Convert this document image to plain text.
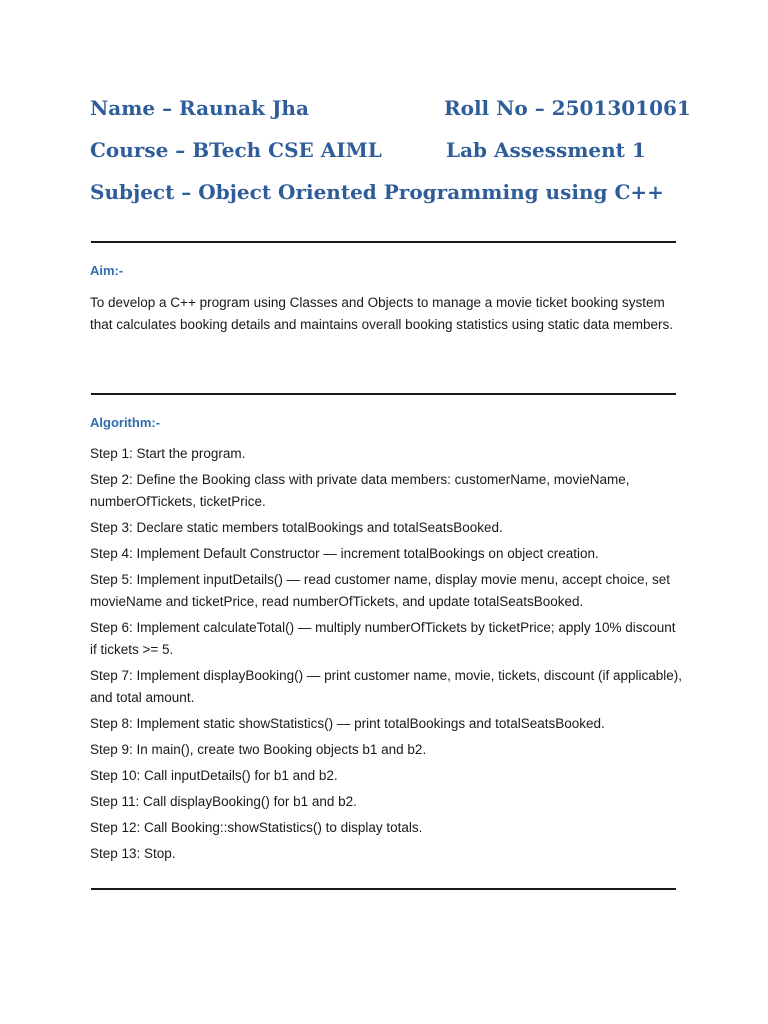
Name – Raunak Jha	Roll No – 2501301061
Course – BTech CSE AIML	Lab Assessment 1
Subject – Object Oriented Programming using C++
Aim:-
To develop a C++ program using Classes and Objects to manage a movie ticket booking system that calculates booking details and maintains overall booking statistics using static data members.
Algorithm:-
Step 1: Start the program.
Step 2: Define the Booking class with private data members: customerName, movieName, numberOfTickets, ticketPrice.
Step 3: Declare static members totalBookings and totalSeatsBooked.
Step 4: Implement Default Constructor — increment totalBookings on object creation.
Step 5: Implement inputDetails() — read customer name, display movie menu, accept choice, set movieName and ticketPrice, read numberOfTickets, and update totalSeatsBooked.
Step 6: Implement calculateTotal() — multiply numberOfTickets by ticketPrice; apply 10% discount if tickets >= 5.
Step 7: Implement displayBooking() — print customer name, movie, tickets, discount (if applicable), and total amount.
Step 8: Implement static showStatistics() — print totalBookings and totalSeatsBooked.
Step 9: In main(), create two Booking objects b1 and b2.
Step 10: Call inputDetails() for b1 and b2.
Step 11: Call displayBooking() for b1 and b2.
Step 12: Call Booking::showStatistics() to display totals.
Step 13: Stop.
